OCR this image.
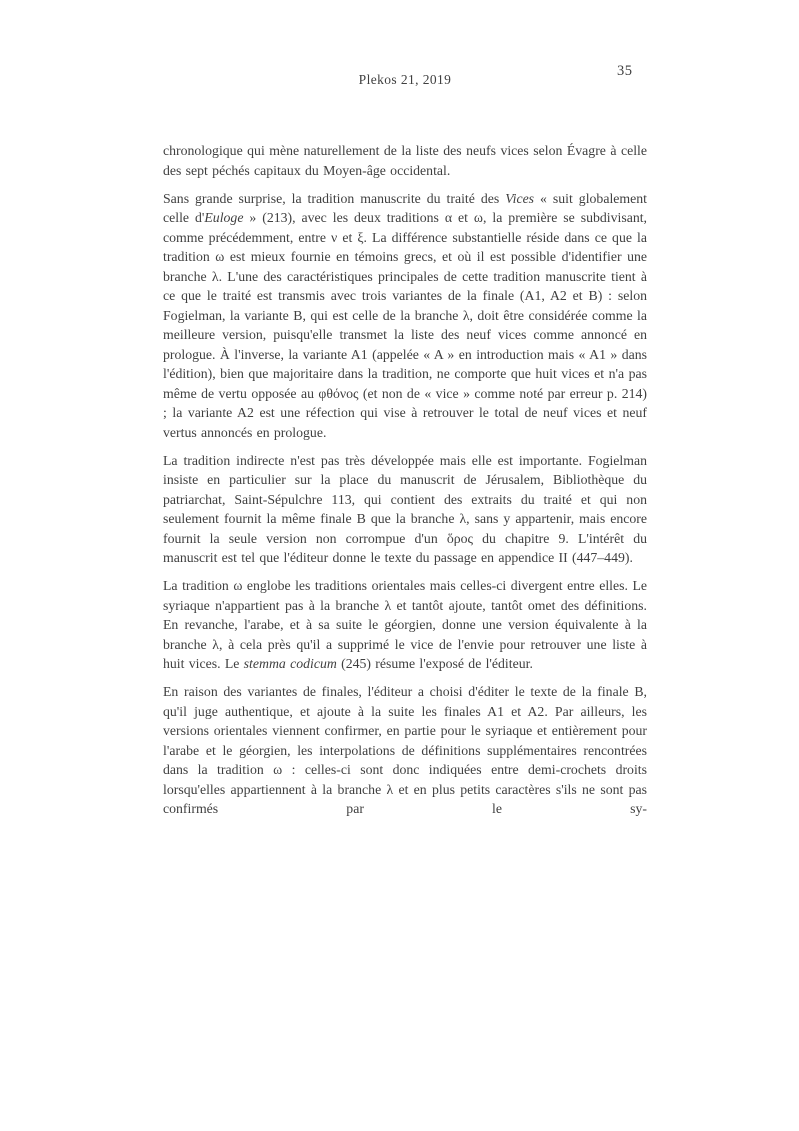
Plekos 21, 2019
35

chronologique qui mène naturellement de la liste des neufs vices selon Évagre à celle des sept péchés capitaux du Moyen-âge occidental.

Sans grande surprise, la tradition manuscrite du traité des Vices « suit globalement celle d'Euloge » (213), avec les deux traditions α et ω, la première se subdivisant, comme précédemment, entre ν et ξ. La différence substantielle réside dans ce que la tradition ω est mieux fournie en témoins grecs, et où il est possible d'identifier une branche λ. L'une des caractéristiques principales de cette tradition manuscrite tient à ce que le traité est transmis avec trois variantes de la finale (A1, A2 et B) : selon Fogielman, la variante B, qui est celle de la branche λ, doit être considérée comme la meilleure version, puisqu'elle transmet la liste des neuf vices comme annoncé en prologue. À l'inverse, la variante A1 (appelée « A » en introduction mais « A1 » dans l'édition), bien que majoritaire dans la tradition, ne comporte que huit vices et n'a pas même de vertu opposée au φθόνος (et non de « vice » comme noté par erreur p. 214) ; la variante A2 est une réfection qui vise à retrouver le total de neuf vices et neuf vertus annoncés en prologue.

La tradition indirecte n'est pas très développée mais elle est importante. Fogielman insiste en particulier sur la place du manuscrit de Jérusalem, Bibliothèque du patriarchat, Saint-Sépulchre 113, qui contient des extraits du traité et qui non seulement fournit la même finale B que la branche λ, sans y appartenir, mais encore fournit la seule version non corrompue d'un ὅρος du chapitre 9. L'intérêt du manuscrit est tel que l'éditeur donne le texte du passage en appendice II (447–449).

La tradition ω englobe les traditions orientales mais celles-ci divergent entre elles. Le syriaque n'appartient pas à la branche λ et tantôt ajoute, tantôt omet des définitions. En revanche, l'arabe, et à sa suite le géorgien, donne une version équivalente à la branche λ, à cela près qu'il a supprimé le vice de l'envie pour retrouver une liste à huit vices. Le stemma codicum (245) résume l'exposé de l'éditeur.

En raison des variantes de finales, l'éditeur a choisi d'éditer le texte de la finale B, qu'il juge authentique, et ajoute à la suite les finales A1 et A2. Par ailleurs, les versions orientales viennent confirmer, en partie pour le syriaque et entièrement pour l'arabe et le géorgien, les interpolations de définitions supplémentaires rencontrées dans la tradition ω : celles-ci sont donc indiquées entre demi-crochets droits lorsqu'elles appartiennent à la branche λ et en plus petits caractères s'ils ne sont pas confirmés par le sy-
